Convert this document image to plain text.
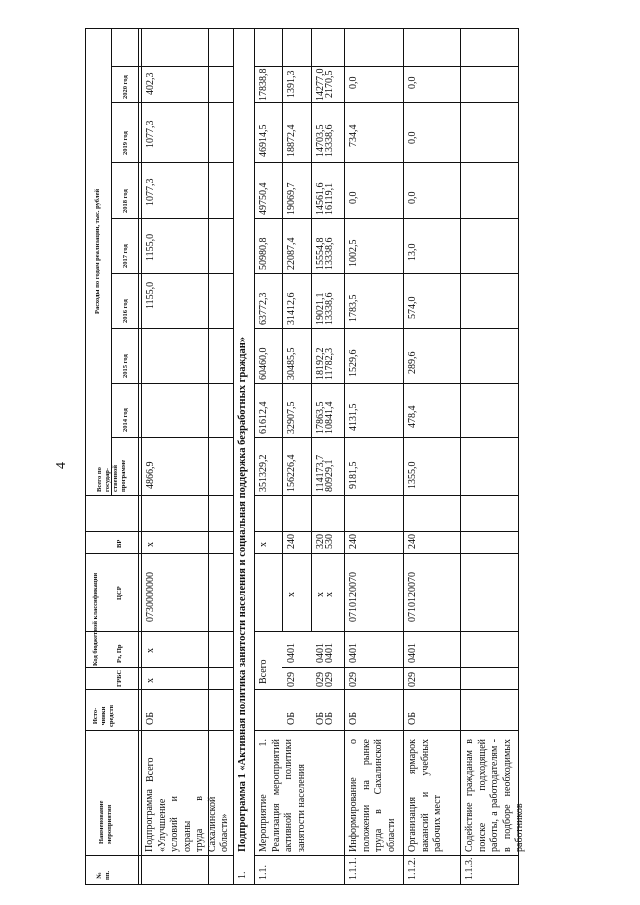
4
№
пп.
Наименование
мероприятия
Исто-
чники
средств
Код бюджетной классификации
ГРБС
Рз, Пр
ЦСР
ВР
Всего по
государ-
ственной
программе
Расходы по годам реализации, тыс. рублей
2014 год
2015 год
2016 год
2017 год
2018 год
2019 год
2020 год
Подпрограмма «Улучшение условий и охраны труда в Сахалинской области»
Всего
ОБ
х
х
0730000000
х
4866,9
1155,0
1155,0
1077,3
1077,3
402,3
1.
Подпрограмма 1 «Активная политика занятости населения и социальная поддержка безработных граждан»
1.1.
Мероприятие 1. Реализация мероприятий активной политики занятости населения
Всего
х
351329,2
61612,4
60460,0
63772,3
50980,8
49750,4
46914,5
17838,8
ОБ
029
0401
х
240
156226,4
32907,5
30485,5
31412,6
22087,4
19069,7
18872,4
1391,3
ОБ
029
0401
х
320
114173,7
17863,5
18192,2
19021,1
15554,8
14561,6
14703,5
14277,0
ОБ
029
0401
х
530
80929,1
10841,4
11782,3
13338,6
13338,6
16119,1
13338,6
2170,5
1.1.1.
Информирование о положении на рынке труда в Сахалинской области
ОБ
029
0401
0710120070
240
9181,5
4131,5
1529,6
1783,5
1002,5
0,0
734,4
0,0
1.1.2.
Организация ярмарок вакансий и учебных рабочих мест
ОБ
029
0401
0710120070
240
1355,0
478,4
289,6
574,0
13,0
0,0
0,0
0,0
1.1.3.
Содействие гражданам в поиске подходящей работы, а работодателям - в подборе необходимых работников
